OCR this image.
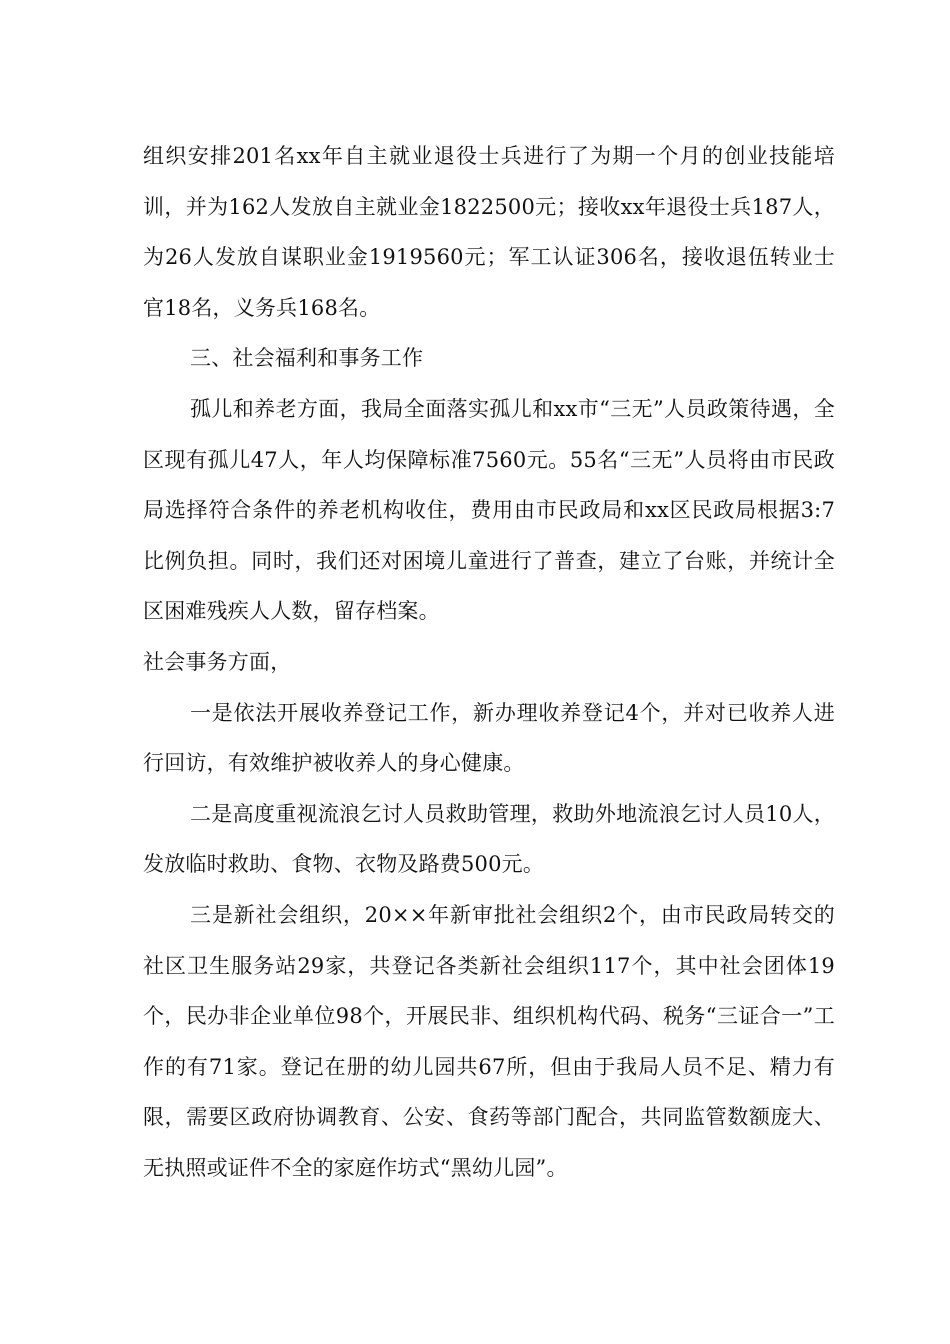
组织安排201名xx年自主就业退役士兵进行了为期一个月的创业技能培训，并为162人发放自主就业金1822500元；接收xx年退役士兵187人，为26人发放自谋职业金1919560元；军工认证306名，接收退伍转业士官18名，义务兵168名。

三、社会福利和事务工作

孤儿和养老方面，我局全面落实孤儿和xx市“三无”人员政策待遇，全区现有孤儿47人，年人均保障标准7560元。55名“三无”人员将由市民政局选择符合条件的养老机构收住，费用由市民政局和xx区民政局根据3:7比例负担。同时，我们还对困境儿童进行了普查，建立了台账，并统计全区困难残疾人人数，留存档案。

社会事务方面，

一是依法开展收养登记工作，新办理收养登记4个，并对已收养人进行回访，有效维护被收养人的身心健康。

二是高度重视流浪乞讨人员救助管理，救助外地流浪乞讨人员10人，发放临时救助、食物、衣物及路费500元。

三是新社会组织，20××年新审批社会组织2个，由市民政局转交的社区卫生服务站29家，共登记各类新社会组织117个，其中社会团体19个，民办非企业单位98个，开展民非、组织机构代码、税务“三证合一”工作的有71家。登记在册的幼儿园共67所，但由于我局人员不足、精力有限，需要区政府协调教育、公安、食药等部门配合，共同监管数额庞大、无执照或证件不全的家庭作坊式“黑幼儿园”。
